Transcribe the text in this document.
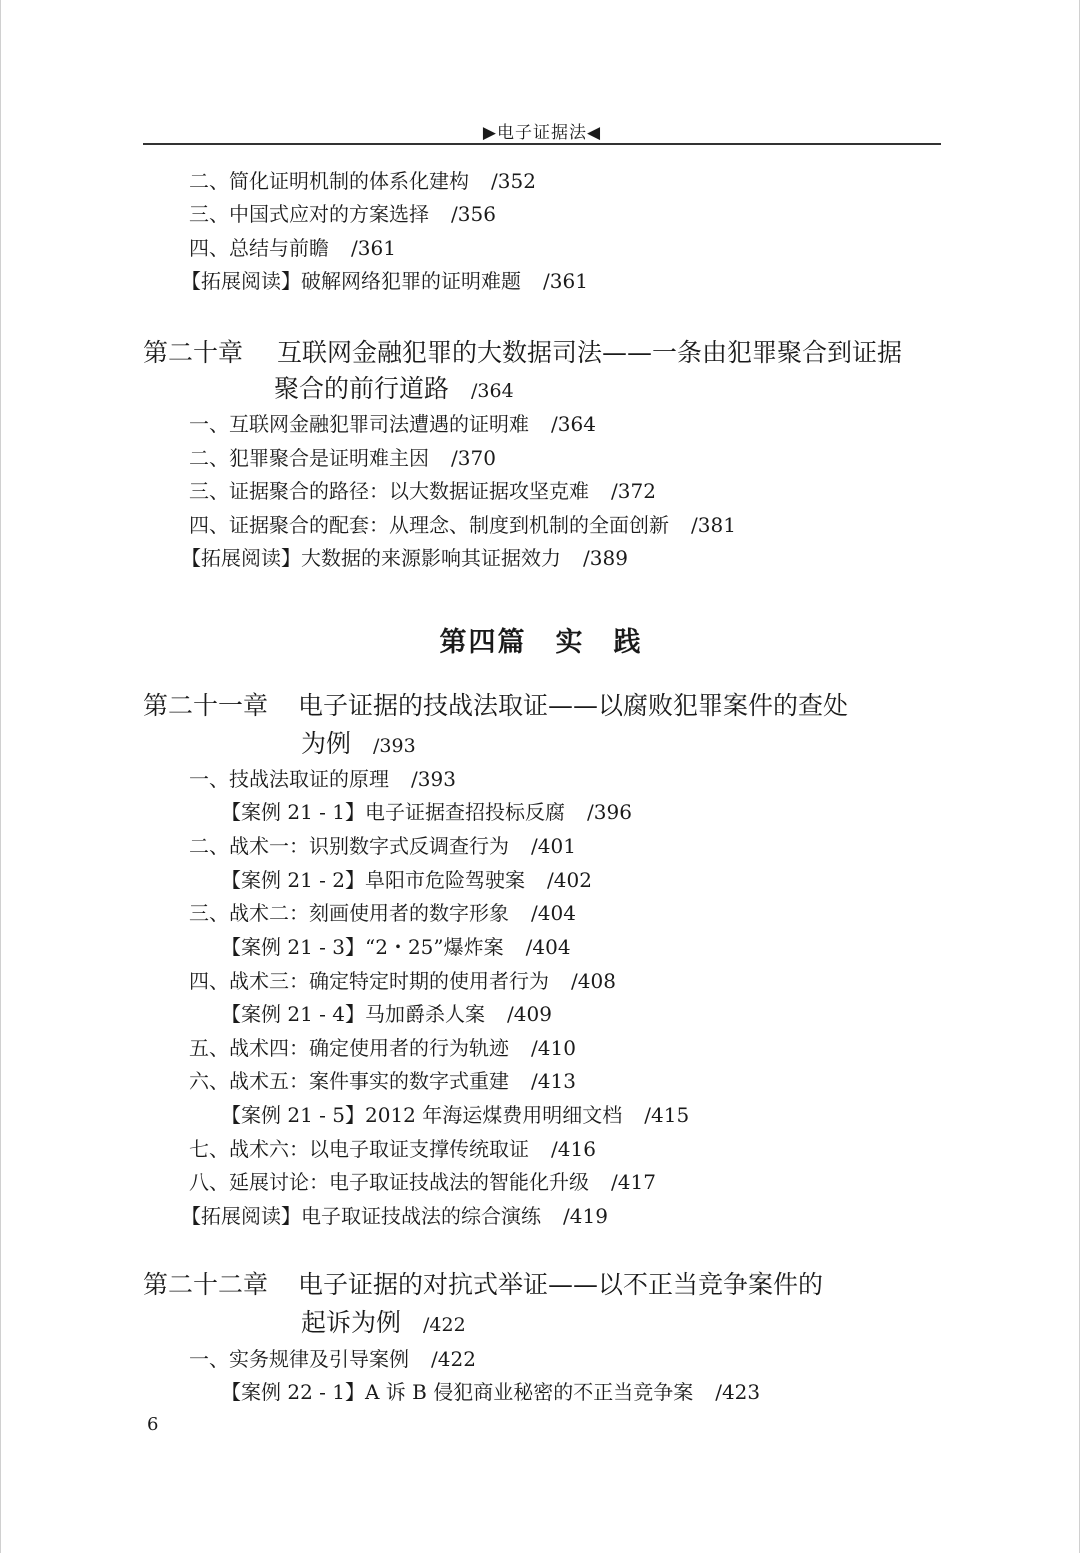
▶电子证据法◀
二、简化证明机制的体系化建构 /352
三、中国式应对的方案选择 /356
四、总结与前瞻 /361
【拓展阅读】破解网络犯罪的证明难题 /361
第二十章 互联网金融犯罪的大数据司法——一条由犯罪聚合到证据
聚合的前行道路 /364
一、互联网金融犯罪司法遭遇的证明难 /364
二、犯罪聚合是证明难主因 /370
三、证据聚合的路径：以大数据证据攻坚克难 /372
四、证据聚合的配套：从理念、制度到机制的全面创新 /381
【拓展阅读】大数据的来源影响其证据效力 /389
第四篇　实　践
第二十一章 电子证据的技战法取证——以腐败犯罪案件的查处
为例 /393
一、技战法取证的原理 /393
【案例 21 - 1】电子证据查招投标反腐 /396
二、战术一：识别数字式反调查行为 /401
【案例 21 - 2】阜阳市危险驾驶案 /402
三、战术二：刻画使用者的数字形象 /404
【案例 21 - 3】“2・25”爆炸案 /404
四、战术三：确定特定时期的使用者行为 /408
【案例 21 - 4】马加爵杀人案 /409
五、战术四：确定使用者的行为轨迹 /410
六、战术五：案件事实的数字式重建 /413
【案例 21 - 5】2012 年海运煤费用明细文档 /415
七、战术六：以电子取证支撑传统取证 /416
八、延展讨论：电子取证技战法的智能化升级 /417
【拓展阅读】电子取证技战法的综合演练 /419
第二十二章 电子证据的对抗式举证——以不正当竞争案件的
起诉为例 /422
一、实务规律及引导案例 /422
【案例 22 - 1】A 诉 B 侵犯商业秘密的不正当竞争案 /423
6
